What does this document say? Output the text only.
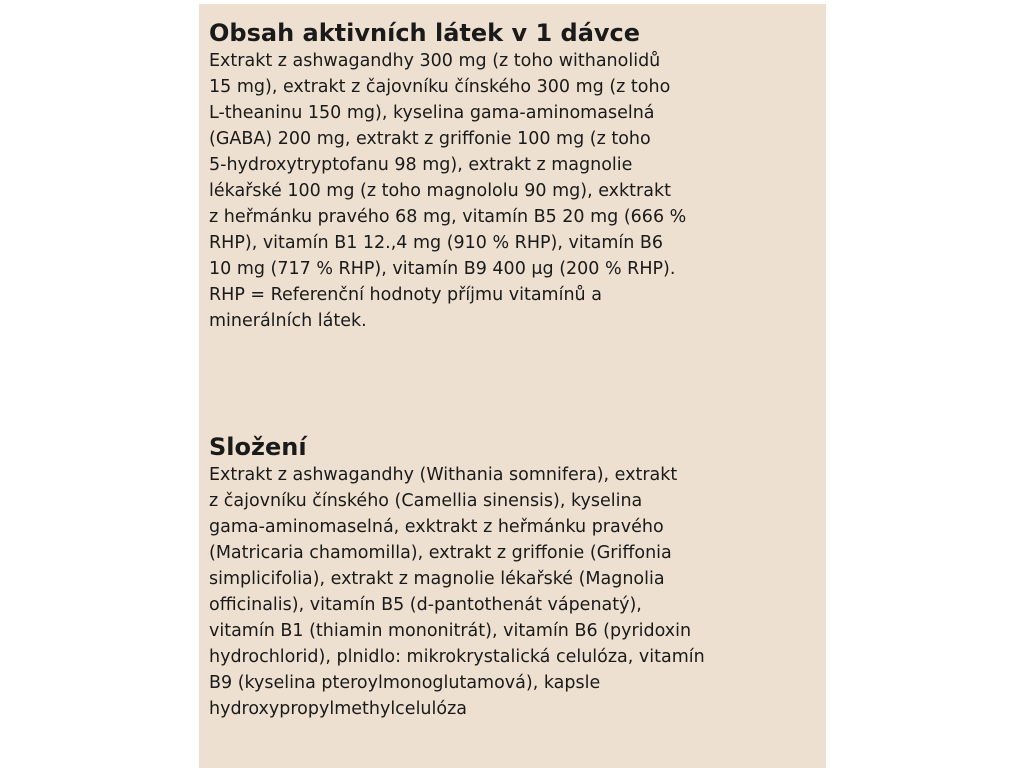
Obsah aktivních látek v 1 dávce

Extrakt z ashwagandhy 300 mg (z toho withanolidů
15 mg), extrakt z čajovníku čínského 300 mg (z toho
L-theaninu 150 mg), kyselina gama-aminomaselná
(GABA) 200 mg, extrakt z griffonie 100 mg (z toho
5-hydroxytryptofanu 98 mg), extrakt z magnolie
lékařské 100 mg (z toho magnololu 90 mg), exktrakt
z heřmánku pravého 68 mg, vitamín B5 20 mg (666 %
RHP), vitamín B1 12.,4 mg (910 % RHP), vitamín B6
10 mg (717 % RHP), vitamín B9 400 μg (200 % RHP).
RHP = Referenční hodnoty příjmu vitamínů a
minerálních látek.

Složení

Extrakt z ashwagandhy (Withania somnifera), extrakt
z čajovníku čínského (Camellia sinensis), kyselina
gama-aminomaselná, exktrakt z heřmánku pravého
(Matricaria chamomilla), extrakt z griffonie (Griffonia
simplicifolia), extrakt z magnolie lékařské (Magnolia
officinalis), vitamín B5 (d-pantothenát vápenatý),
vitamín B1 (thiamin mononitrát), vitamín B6 (pyridoxin
hydrochlorid), plnidlo: mikrokrystalická celulóza, vitamín
B9 (kyselina pteroylmonoglutamová), kapsle
hydroxypropylmethylcelulóza
